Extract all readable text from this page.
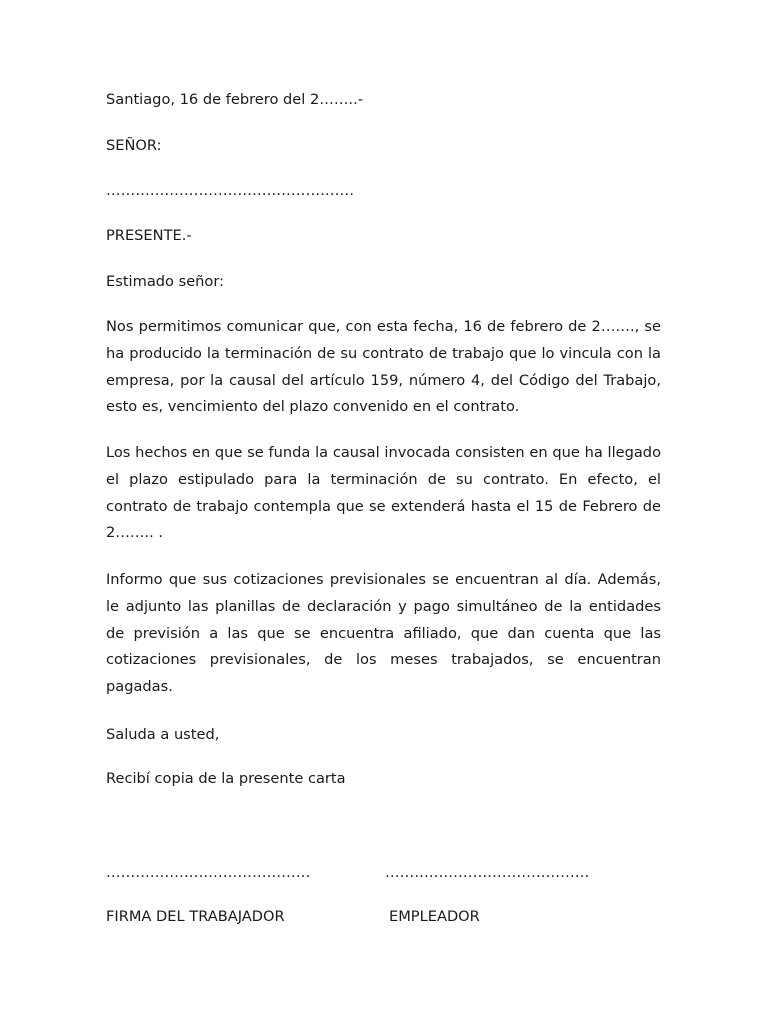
Santiago, 16 de febrero del 2……..-
SEÑOR:
……………………………………………
PRESENTE.-
Estimado señor:
Nos permitimos comunicar que, con esta fecha, 16 de febrero de 2……., se ha producido la terminación de su contrato de trabajo que lo vincula con la empresa, por la causal del artículo 159, número 4, del Código del Trabajo, esto es, vencimiento del plazo convenido en el contrato.
Los hechos en que se funda la causal invocada consisten en que ha llegado el plazo estipulado para la terminación de su contrato. En efecto, el contrato de trabajo contempla que se extenderá hasta el 15 de Febrero de 2…….. .
Informo que sus cotizaciones previsionales se encuentran al día. Además, le adjunto las planillas de declaración y pago simultáneo de la entidades de previsión a las que se encuentra afiliado, que dan cuenta que las cotizaciones previsionales, de los meses trabajados, se encuentran pagadas.
Saluda a usted,
Recibí copia de la presente carta
……………………………………	……………………………………
FIRMA DEL TRABAJADOR	EMPLEADOR
